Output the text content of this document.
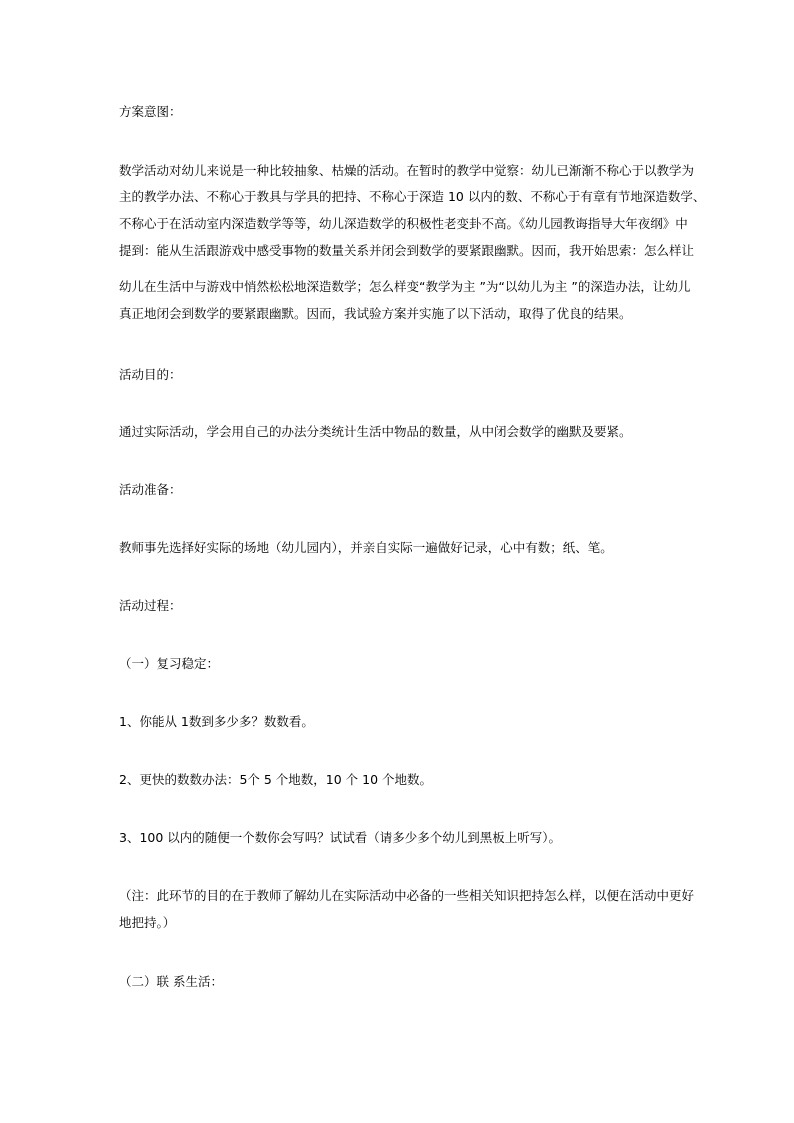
方案意图：
数学活动对幼儿来说是一种比较抽象、枯燥的活动。在暂时的教学中觉察：幼儿已渐渐不称心于以教学为
主的教学办法、不称心于教具与学具的把持、不称心于深造 10 以内的数、不称心于有章有节地深造数学、
不称心于在活动室内深造数学等等，幼儿深造数学的积极性老变卦不高。《幼儿园教诲指导大年夜纲》中
提到：能从生活跟游戏中感受事物的数量关系并闭会到数学的要紧跟幽默。因而，我开始思索：怎么样让
幼儿在生活中与游戏中悄然松松地深造数学；怎么样变“教学为主 ”为“以幼儿为主 ”的深造办法，让幼儿
真正地闭会到数学的要紧跟幽默。因而，我试验方案并实施了以下活动，取得了优良的结果。
活动目的：
通过实际活动，学会用自己的办法分类统计生活中物品的数量，从中闭会数学的幽默及要紧。
活动准备：
教师事先选择好实际的场地（幼儿园内），并亲自实际一遍做好记录，心中有数；纸、笔。
活动过程：
（一）复习稳定：
1、你能从 1数到多少多？数数看。
2、更快的数数办法：5个 5 个地数，10 个 10 个地数。
3、100 以内的随便一个数你会写吗？试试看（请多少多个幼儿到黑板上听写）。
（注：此环节的目的在于教师了解幼儿在实际活动中必备的一些相关知识把持怎么样，以便在活动中更好
地把持。）
（二）联 系生活：
